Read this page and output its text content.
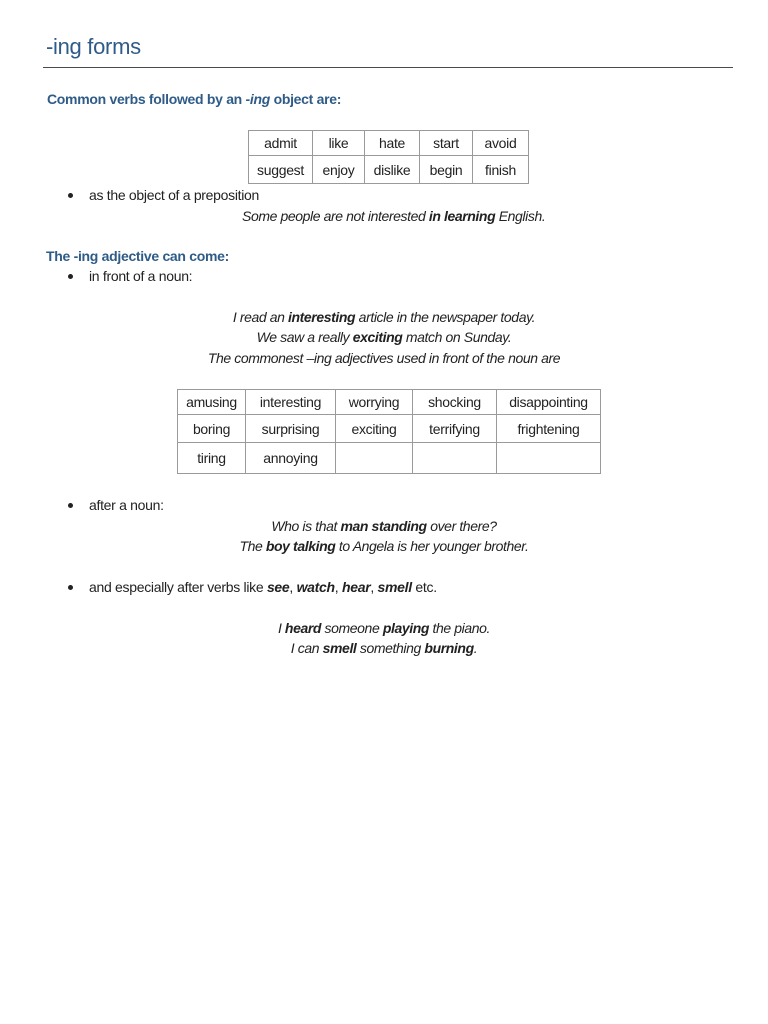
-ing forms
Common verbs followed by an -ing object are:
admit	like	hate	start	avoid
suggest	enjoy	dislike	begin	finish
as the object of a preposition
Some people are not interested in learning English.
The -ing adjective can come:
in front of a noun:
I read an interesting article in the newspaper today.
We saw a really exciting match on Sunday.
The commonest –ing adjectives used in front of the noun are
amusing	interesting	worrying	shocking	disappointing
boring	surprising	exciting	terrifying	frightening
tiring	annoying			
after a noun:
Who is that man standing over there?
The boy talking to Angela is her younger brother.
and especially after verbs like see, watch, hear, smell etc.
I heard someone playing the piano.
I can smell something burning.
